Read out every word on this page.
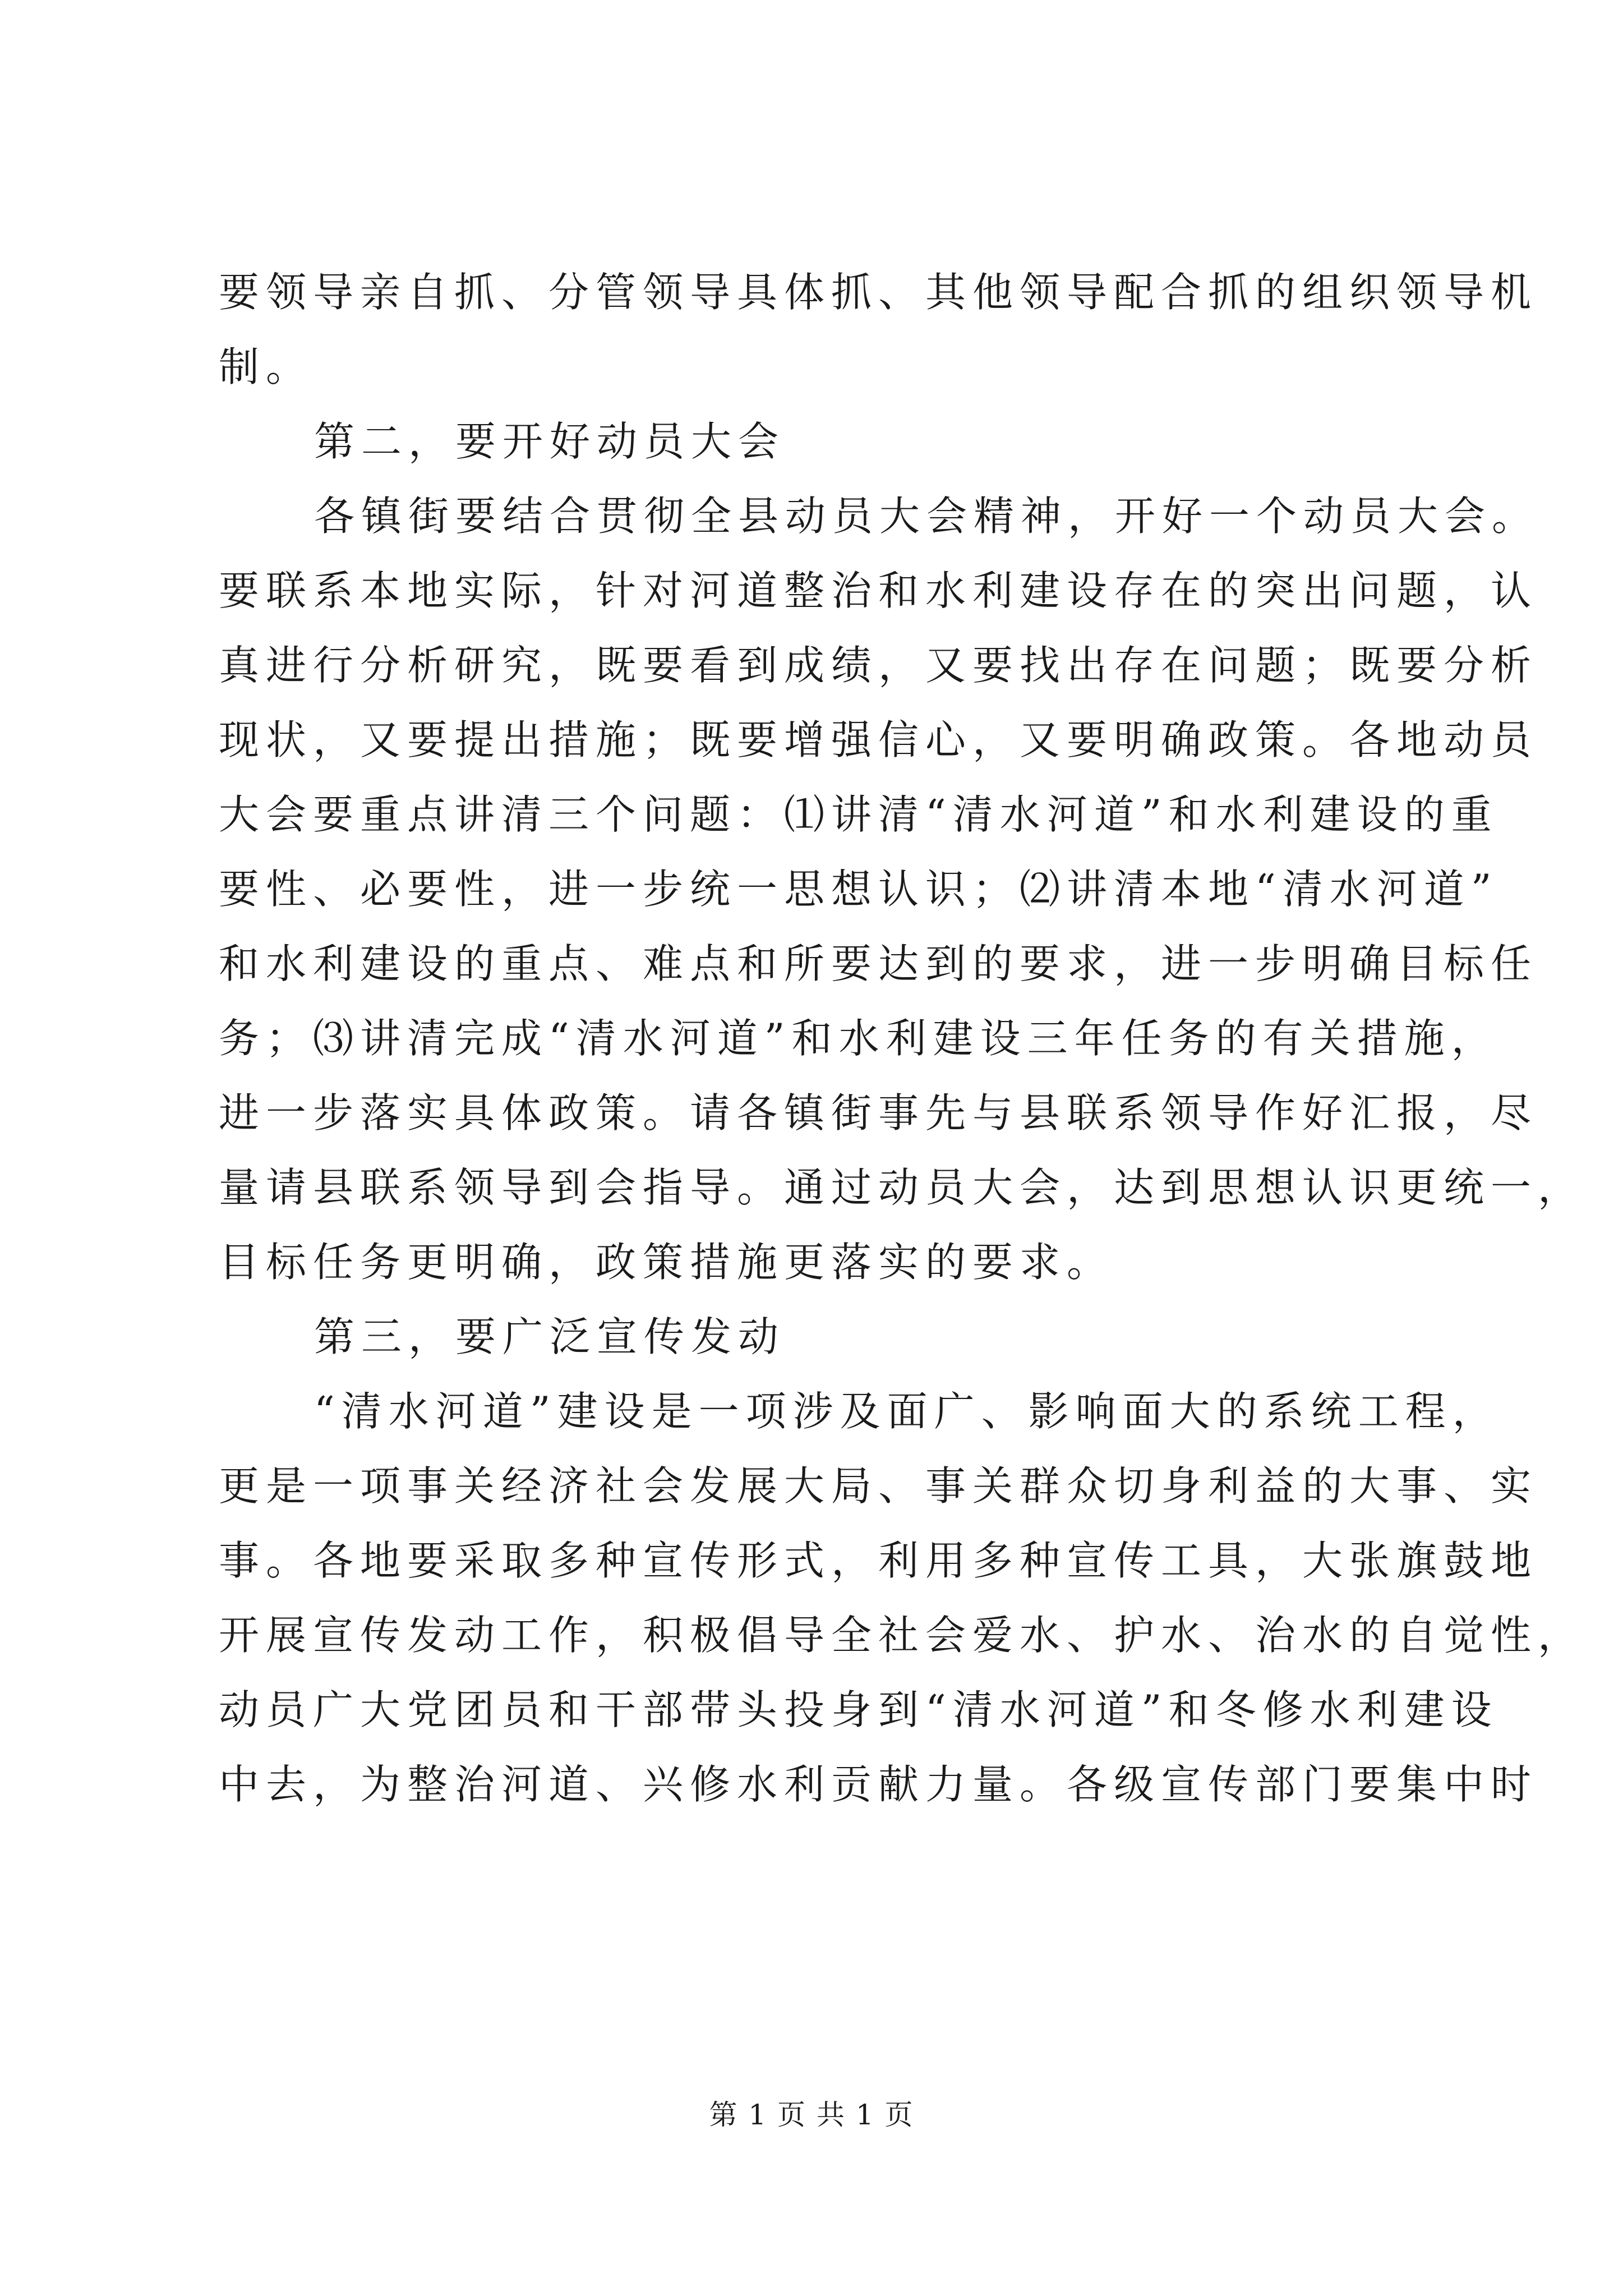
要领导亲自抓、分管领导具体抓、其他领导配合抓的组织领导机
制。
第二，要开好动员大会
各镇街要结合贯彻全县动员大会精神，开好一个动员大会。
要联系本地实际，针对河道整治和水利建设存在的突出问题，认
真进行分析研究，既要看到成绩，又要找出存在问题；既要分析
现状，又要提出措施；既要增强信心，又要明确政策。各地动员
大会要重点讲清三个问题：⑴讲清“清水河道”和水利建设的重
要性、必要性，进一步统一思想认识；⑵讲清本地“清水河道”
和水利建设的重点、难点和所要达到的要求，进一步明确目标任
务；⑶讲清完成“清水河道”和水利建设三年任务的有关措施，
进一步落实具体政策。请各镇街事先与县联系领导作好汇报，尽
量请县联系领导到会指导。通过动员大会，达到思想认识更统一，
目标任务更明确，政策措施更落实的要求。
第三，要广泛宣传发动
“清水河道”建设是一项涉及面广、影响面大的系统工程，
更是一项事关经济社会发展大局、事关群众切身利益的大事、实
事。各地要采取多种宣传形式，利用多种宣传工具，大张旗鼓地
开展宣传发动工作，积极倡导全社会爱水、护水、治水的自觉性，
动员广大党团员和干部带头投身到“清水河道”和冬修水利建设
中去，为整治河道、兴修水利贡献力量。各级宣传部门要集中时
第 1 页 共 1 页
